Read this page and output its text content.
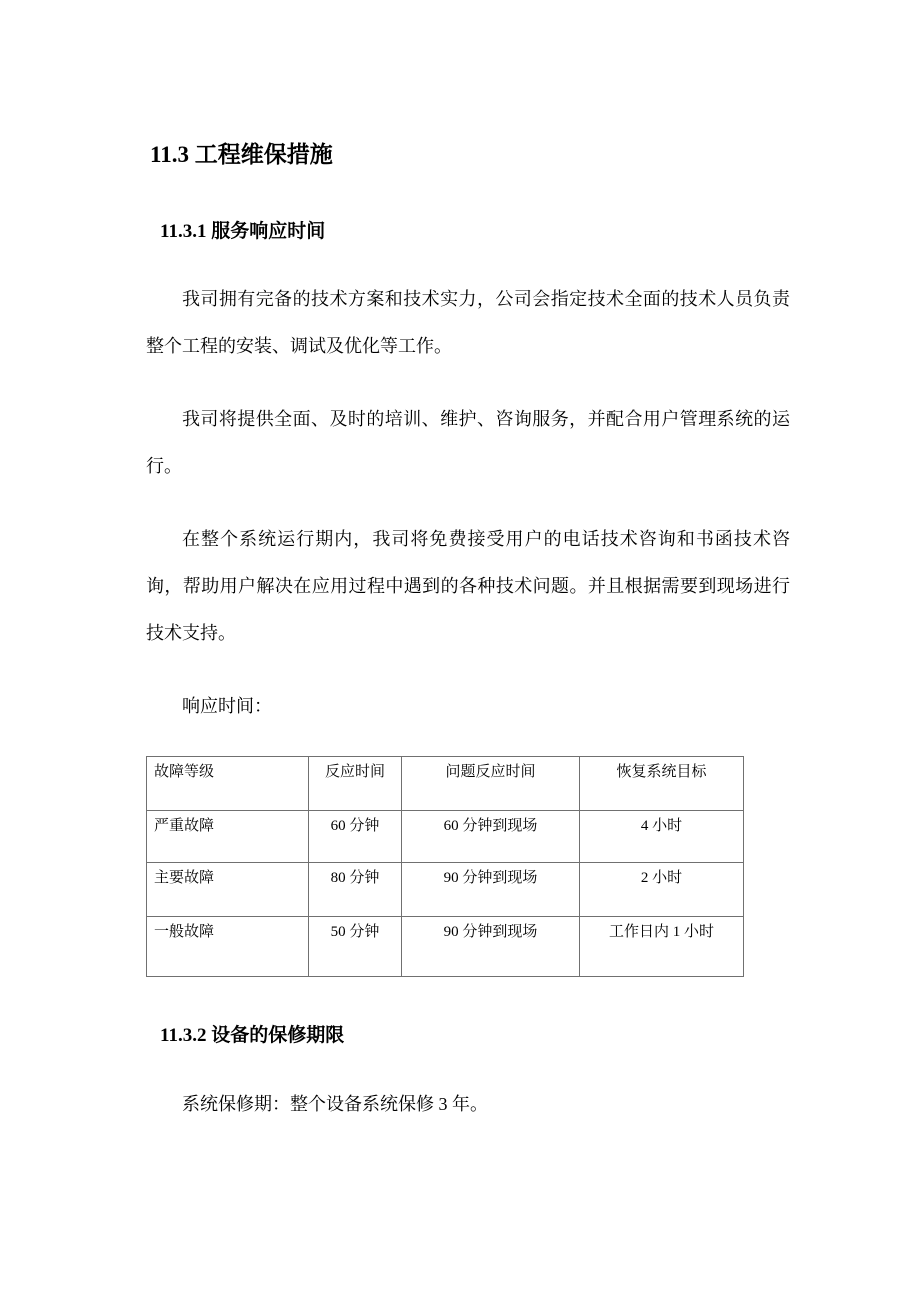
11.3 工程维保措施
11.3.1 服务响应时间

我司拥有完备的技术方案和技术实力，公司会指定技术全面的技术人员负责整个工程的安装、调试及优化等工作。

我司将提供全面、及时的培训、维护、咨询服务，并配合用户管理系统的运行。

在整个系统运行期内，我司将免费接受用户的电话技术咨询和书函技术咨询，帮助用户解决在应用过程中遇到的各种技术问题。并且根据需要到现场进行技术支持。

响应时间：

故障等级	反应时间	问题反应时间	恢复系统目标
严重故障	60 分钟	60 分钟到现场	4 小时
主要故障	80 分钟	90 分钟到现场	2 小时
一般故障	50 分钟	90 分钟到现场	工作日内 1 小时
11.3.2 设备的保修期限

系统保修期：整个设备系统保修 3 年。
